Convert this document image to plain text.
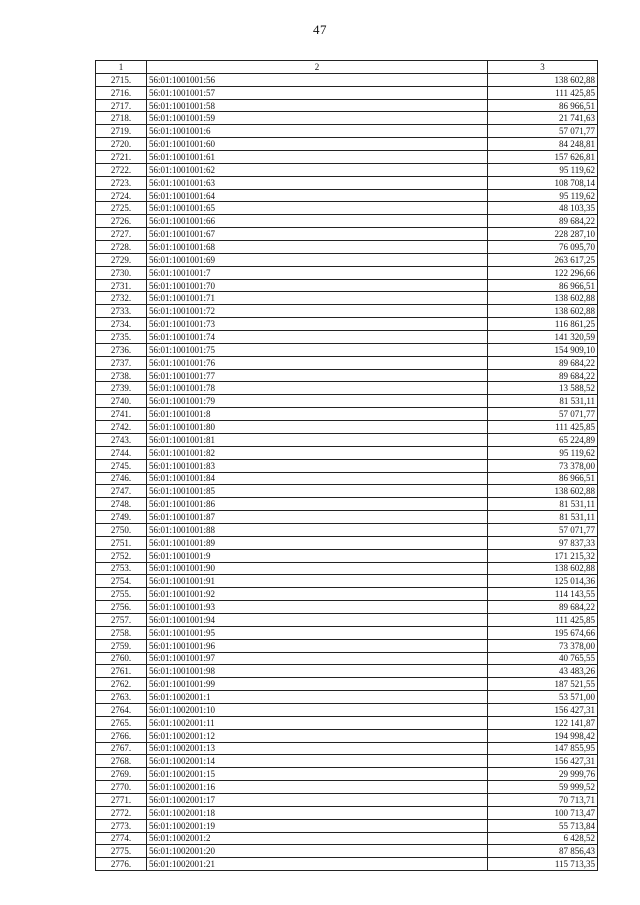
47
1	2	3
2715.	56:01:1001001:56	138 602,88
2716.	56:01:1001001:57	111 425,85
2717.	56:01:1001001:58	86 966,51
2718.	56:01:1001001:59	21 741,63
2719.	56:01:1001001:6	57 071,77
2720.	56:01:1001001:60	84 248,81
2721.	56:01:1001001:61	157 626,81
2722.	56:01:1001001:62	95 119,62
2723.	56:01:1001001:63	108 708,14
2724.	56:01:1001001:64	95 119,62
2725.	56:01:1001001:65	48 103,35
2726.	56:01:1001001:66	89 684,22
2727.	56:01:1001001:67	228 287,10
2728.	56:01:1001001:68	76 095,70
2729.	56:01:1001001:69	263 617,25
2730.	56:01:1001001:7	122 296,66
2731.	56:01:1001001:70	86 966,51
2732.	56:01:1001001:71	138 602,88
2733.	56:01:1001001:72	138 602,88
2734.	56:01:1001001:73	116 861,25
2735.	56:01:1001001:74	141 320,59
2736.	56:01:1001001:75	154 909,10
2737.	56:01:1001001:76	89 684,22
2738.	56:01:1001001:77	89 684,22
2739.	56:01:1001001:78	13 588,52
2740.	56:01:1001001:79	81 531,11
2741.	56:01:1001001:8	57 071,77
2742.	56:01:1001001:80	111 425,85
2743.	56:01:1001001:81	65 224,89
2744.	56:01:1001001:82	95 119,62
2745.	56:01:1001001:83	73 378,00
2746.	56:01:1001001:84	86 966,51
2747.	56:01:1001001:85	138 602,88
2748.	56:01:1001001:86	81 531,11
2749.	56:01:1001001:87	81 531,11
2750.	56:01:1001001:88	57 071,77
2751.	56:01:1001001:89	97 837,33
2752.	56:01:1001001:9	171 215,32
2753.	56:01:1001001:90	138 602,88
2754.	56:01:1001001:91	125 014,36
2755.	56:01:1001001:92	114 143,55
2756.	56:01:1001001:93	89 684,22
2757.	56:01:1001001:94	111 425,85
2758.	56:01:1001001:95	195 674,66
2759.	56:01:1001001:96	73 378,00
2760.	56:01:1001001:97	40 765,55
2761.	56:01:1001001:98	43 483,26
2762.	56:01:1001001:99	187 521,55
2763.	56:01:1002001:1	53 571,00
2764.	56:01:1002001:10	156 427,31
2765.	56:01:1002001:11	122 141,87
2766.	56:01:1002001:12	194 998,42
2767.	56:01:1002001:13	147 855,95
2768.	56:01:1002001:14	156 427,31
2769.	56:01:1002001:15	29 999,76
2770.	56:01:1002001:16	59 999,52
2771.	56:01:1002001:17	70 713,71
2772.	56:01:1002001:18	100 713,47
2773.	56:01:1002001:19	55 713,84
2774.	56:01:1002001:2	6 428,52
2775.	56:01:1002001:20	87 856,43
2776.	56:01:1002001:21	115 713,35
